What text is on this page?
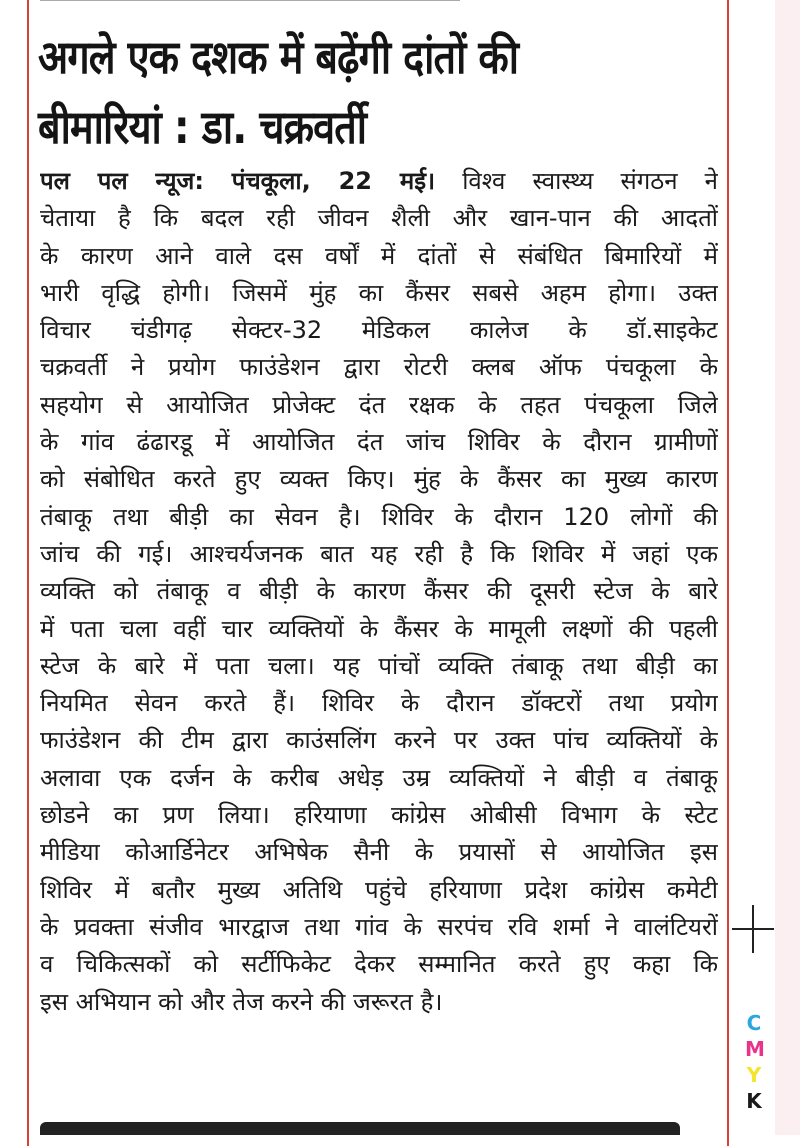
अगले एक दशक में बढ़ेंगी दांतों की
बीमारियां : डा. चक्रवर्ती
पल पल न्यूज: पंचकूला, 22 मई। विश्व स्वास्थ्य संगठन ने
चेताया है कि बदल रही जीवन शैली और खान-पान की आदतों
के कारण आने वाले दस वर्षों में दांतों से संबंधित बिमारियों में
भारी वृद्धि होगी। जिसमें मुंह का कैंसर सबसे अहम होगा। उक्त
विचार चंडीगढ़ सेक्टर-32 मेडिकल कालेज के डॉ.साइकेट
चक्रवर्ती ने प्रयोग फाउंडेशन द्वारा रोटरी क्लब ऑफ पंचकूला के
सहयोग से आयोजित प्रोजेक्ट दंत रक्षक के तहत पंचकूला जिले
के गांव ढंढारडू में आयोजित दंत जांच शिविर के दौरान ग्रामीणों
को संबोधित करते हुए व्यक्त किए। मुंह के कैंसर का मुख्य कारण
तंबाकू तथा बीड़ी का सेवन है। शिविर के दौरान 120 लोगों की
जांच की गई। आश्चर्यजनक बात यह रही है कि शिविर में जहां एक
व्यक्ति को तंबाकू व बीड़ी के कारण कैंसर की दूसरी स्टेज के बारे
में पता चला वहीं चार व्यक्तियों के कैंसर के मामूली लक्ष्णों की पहली
स्टेज के बारे में पता चला। यह पांचों व्यक्ति तंबाकू तथा बीड़ी का
नियमित सेवन करते हैं। शिविर के दौरान डॉक्टरों तथा प्रयोग
फाउंडेशन की टीम द्वारा काउंसलिंग करने पर उक्त पांच व्यक्तियों के
अलावा एक दर्जन के करीब अधेड़ उम्र व्यक्तियों ने बीड़ी व तंबाकू
छोडने का प्रण लिया। हरियाणा कांग्रेस ओबीसी विभाग के स्टेट
मीडिया कोआर्डिनेटर अभिषेक सैनी के प्रयासों से आयोजित इस
शिविर में बतौर मुख्य अतिथि पहुंचे हरियाणा प्रदेश कांग्रेस कमेटी
के प्रवक्ता संजीव भारद्वाज तथा गांव के सरपंच रवि शर्मा ने वालंटियरों
व चिकित्सकों को सर्टीफिकेट देकर सम्मानित करते हुए कहा कि
इस अभियान को और तेज करने की जरूरत है।
C
M
Y
K
